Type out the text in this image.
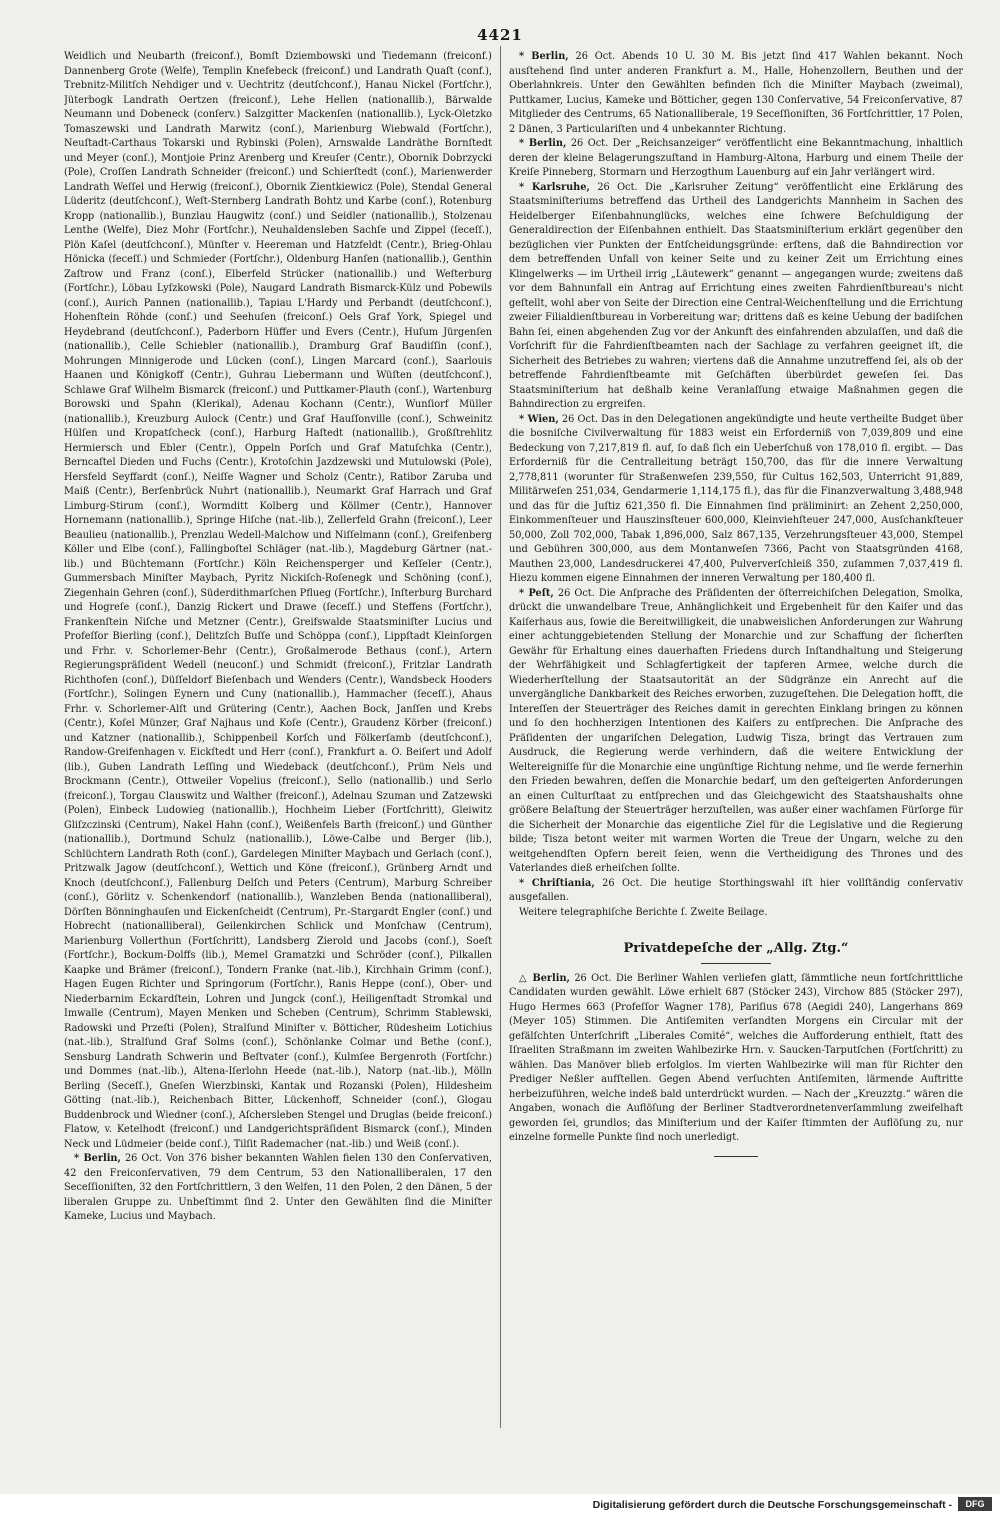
4421

Weidlich und Neubarth (freiconf.), Bomſt Dziembowski und Tiedemann (freiconf.) Dannenberg Grote (Welfe), Templin Knefebeck (freiconf.) und Landrath Quaſt (conf.), Trebnitz-Militſch Nehdiger und v. Uechtritz (deutſchconf.), Hanau Nickel (Fortſchr.), Jüterbogk Landrath Oertzen (freiconf.), Lehe Hellen (nationallib.), Bärwalde Neumann und Dobeneck (conſerv.) Salzgitter Mackenſen (nationallib.), Lyck-Oletzko Tomaszewski und Landrath Marwitz (conſ.), Marienburg Wiebwald (Fortſchr.), Neuſtadt-Carthaus Tokarski und Rybinski (Polen), Arnswalde Landräthe Bornſtedt und Meyer (conſ.), Montjoie Prinz Arenberg und Kreuſer (Centr.), Obornik Dobrzycki (Pole), Croſſen Landrath Schneider (freiconſ.) und Schierſtedt (conſ.), Marienwerder Landrath Weſſel und Herwig (freiconſ.), Obornik Zientkiewicz (Pole), Stendal General Lüderitz (deutſchconſ.), Weſt-Sternberg Landrath Bohtz und Karbe (conſ.), Rotenburg Kropp (nationallib.), Bunzlau Haugwitz (conſ.) und Seidler (nationallib.), Stolzenau Lenthe (Welfe), Diez Mohr (Fortſchr.), Neuhaldensleben Sachſe und Zippel (ſeceſſ.), Plön Kaſel (deutſchconſ.), Münſter v. Heereman und Hatzfeldt (Centr.), Brieg-Ohlau Hönicka (ſeceſſ.) und Schmieder (Fortſchr.), Oldenburg Hanſen (nationallib.), Genthin Zaſtrow und Franz (conſ.), Elberfeld Strücker (nationallib.) und Weſterburg (Fortſchr.), Löbau Lyſzkowski (Pole), Naugard Landrath Bismarck-Külz und Pobewils (conſ.), Aurich Pannen (nationallib.), Tapiau L'Hardy und Perbandt (deutſchconſ.), Hohenſtein Röhde (conſ.) und Seehuſen (freiconſ.) Oels Graf York, Spiegel und Heydebrand (deutſchconſ.), Paderborn Hüffer und Evers (Centr.), Huſum Jürgenſen (nationallib.), Celle Schiebler (nationallib.), Dramburg Graf Baudiſſin (conſ.), Mohrungen Minnigerode und Lücken (conſ.), Lingen Marcard (conſ.), Saarlouis Haanen und Königkoff (Centr.), Guhrau Liebermann und Wüſten (deutſchconſ.), Schlawe Graf Wilhelm Bismarck (freiconſ.) und Puttkamer-Plauth (conſ.), Wartenburg Borowski und Spahn (Klerikal), Adenau Kochann (Centr.), Wunſiorf Müller (nationallib.), Kreuzburg Aulock (Centr.) und Graf Hauſſonville (conſ.), Schweinitz Hülſen und Kropatſcheck (conſ.), Harburg Haſtedt (nationallib.), Großſtrehlitz Hermiersch und Ebler (Centr.), Oppeln Porſch und Graf Matuſchka (Centr.), Berncaſtel Dieden und Fuchs (Centr.), Krotoſchin Jazdzewski und Mutulowski (Pole), Hersfeld Seyffardt (conſ.), Neiſſe Wagner und Scholz (Centr.), Ratibor Zaruba und Maiß (Centr.), Berſenbrück Nuhrt (nationallib.), Neumarkt Graf Harrach und Graf Limburg-Stirum (conſ.), Wormditt Kolberg und Köllmer (Centr.), Hannover Hornemann (nationallib.), Springe Hiſche (nat.-lib.), Zellerfeld Grahn (freiconſ.), Leer Beaulieu (nationallib.), Prenzlau Wedell-Malchow und Niſſelmann (conſ.), Greifenberg Köller und Elbe (conſ.), Fallingboſtel Schläger (nat.-lib.), Magdeburg Gärtner (nat.-lib.) und Büchtemann (Fortſchr.) Köln Reichensperger und Keſſeler (Centr.), Gummersbach Miniſter Maybach, Pyritz Nickiſch-Roſenegk und Schöning (conſ.), Ziegenhain Gehren (conſ.), Süderdithmarſchen Pflueg (Fortſchr.), Inſterburg Burchard und Hogreſe (conſ.), Danzig Rickert und Drawe (ſeceſſ.) und Steffens (Fortſchr.), Frankenſtein Niſche und Metzner (Centr.), Greifswalde Staatsminiſter Lucius und Profeſſor Bierling (conſ.), Delitzſch Buſſe und Schöppa (conſ.), Lippſtadt Kleinſorgen und Frhr. v. Schorlemer-Behr (Centr.), Großalmerode Bethaus (conſ.), Artern Regierungspräſident Wedell (neuconſ.) und Schmidt (freiconſ.), Fritzlar Landrath Richthofen (conſ.), Düſſeldorf Bieſenbach und Wenders (Centr.), Wandsbeck Hooders (Fortſchr.), Solingen Eynern und Cuny (nationallib.), Hammacher (ſeceſſ.), Ahaus Frhr. v. Schorlemer-Alſt und Grütering (Centr.), Aachen Bock, Janſſen und Krebs (Centr.), Koſel Münzer, Graf Najhaus und Koſe (Centr.), Graudenz Körber (freiconſ.) und Katzner (nationallib.), Schippenbeil Korſch und Fölkerſamb (deutſchconſ.), Randow-Greifenhagen v. Eickſtedt und Herr (conſ.), Frankfurt a. O. Beiſert und Adolf (lib.), Guben Landrath Leſſing und Wiedeback (deutſchconſ.), Prüm Nels und Brockmann (Centr.), Ottweiler Vopelius (freiconſ.), Sello (nationallib.) und Serlo (freiconſ.), Torgau Clauswitz und Walther (freiconſ.), Adelnau Szuman und Zatzewski (Polen), Einbeck Ludowieg (nationallib.), Hochheim Lieber (Fortſchritt), Gleiwitz Gliſzczinski (Centrum), Nakel Hahn (conſ.), Weißenfels Barth (freiconſ.) und Günther (nationallib.), Dortmund Schulz (nationallib.), Löwe-Calbe und Berger (lib.), Schlüchtern Landrath Roth (conſ.), Gardelegen Miniſter Maybach und Gerlach (conſ.), Pritzwalk Jagow (deutſchconſ.), Wettich und Köne (freiconſ.), Grünberg Arndt und Knoch (deutſchconſ.), Fallenburg Delſch und Peters (Centrum), Marburg Schreiber (conſ.), Görlitz v. Schenkendorf (nationallib.), Wanzleben Benda (nationalliberal), Dörſten Bönninghauſen und Eickenſcheidt (Centrum), Pr.-Stargardt Engler (conſ.) und Hobrecht (nationalliberal), Geilenkirchen Schlick und Monſchaw (Centrum), Marienburg Vollerthun (Fortſchritt), Landsberg Zierold und Jacobs (conſ.), Soeſt (Fortſchr.), Bockum-Dolffs (lib.), Memel Gramatzki und Schröder (conſ.), Pilkallen Kaapke und Brämer (freiconſ.), Tondern Franke (nat.-lib.), Kirchhain Grimm (conſ.), Hagen Eugen Richter und Springorum (Fortſchr.), Ranis Heppe (conſ.), Ober- und Niederbarnim Eckardſtein, Lohren und Jungck (conſ.), Heiligenſtadt Stromkal und Imwalle (Centrum), Mayen Menken und Scheben (Centrum), Schrimm Stablewski, Radowski und Przeſti (Polen), Stralſund Miniſter v. Bötticher, Rüdesheim Lotichius (nat.-lib.), Stralſund Graf Solms (conſ.), Schönlanke Colmar und Bethe (conſ.), Sensburg Landrath Schwerin und Beſtvater (conſ.), Kulmſee Bergenroth (Fortſchr.) und Dommes (nat.-lib.), Altena-Iſerlohn Heede (nat.-lib.), Natorp (nat.-lib.), Mölln Berling (Seceſſ.), Gneſen Wierzbinski, Kantak und Rozanski (Polen), Hildesheim Götting (nat.-lib.), Reichenbach Bitter, Lückenhoff, Schneider (conſ.), Glogau Buddenbrock und Wiedner (conſ.), Aſchersleben Stengel und Druglas (beide freiconſ.) Flatow, v. Ketelhodt (freiconſ.) und Landgerichtspräſident Bismarck (conſ.), Minden Neck und Lüdmeier (beide conſ.), Tilſit Rademacher (nat.-lib.) und Weiß (conſ.).

* Berlin, 26 Oct. Von 376 bisher bekannten Wahlen fielen 130 den Conſervativen, 42 den Freiconſervativen, 79 dem Centrum, 53 den Nationalliberalen, 17 den Seceſſioniſten, 32 den Fortſchrittlern, 3 den Welfen, 11 den Polen, 2 den Dänen, 5 der liberalen Gruppe zu. Unbeſtimmt ſind 2. Unter den Gewählten ſind die Miniſter Kameke, Lucius und Maybach.

* Berlin, 26 Oct. Abends 10 U. 30 M. Bis jetzt ſind 417 Wahlen bekannt. Noch ausſtehend ſind unter anderen Frankfurt a. M., Halle, Hohenzollern, Beuthen und der Oberlahnkreis. Unter den Gewählten befinden ſich die Miniſter Maybach (zweimal), Puttkamer, Lucius, Kameke und Bötticher, gegen 130 Conſervative, 54 Freiconſervative, 87 Mitglieder des Centrums, 65 Nationalliberale, 19 Seceſſioniſten, 36 Fortſchrittler, 17 Polen, 2 Dänen, 3 Particulariſten und 4 unbekannter Richtung.

* Berlin, 26 Oct. Der „Reichsanzeiger“ veröffentlicht eine Bekanntmachung, inhaltlich deren der kleine Belagerungszuſtand in Hamburg-Altona, Harburg und einem Theile der Kreiſe Pinneberg, Stormarn und Herzogthum Lauenburg auf ein Jahr verlängert wird.

* Karlsruhe, 26 Oct. Die „Karlsruher Zeitung“ veröffentlicht eine Erklärung des Staatsminiſteriums betreffend das Urtheil des Landgerichts Mannheim in Sachen des Heidelberger Eiſenbahnunglücks, welches eine ſchwere Beſchuldigung der Generaldirection der Eiſenbahnen enthielt. Das Staatsminiſterium erklärt gegenüber den bezüglichen vier Punkten der Entſcheidungsgründe: erſtens, daß die Bahndirection vor dem betreffenden Unfall von keiner Seite und zu keiner Zeit um Errichtung eines Klingelwerks — im Urtheil irrig „Läutewerk“ genannt — angegangen wurde; zweitens daß vor dem Bahnunfall ein Antrag auf Errichtung eines zweiten Fahrdienſtbureau's nicht geſtellt, wohl aber von Seite der Direction eine Central-Weichenſtellung und die Errichtung zweier Filialdienſtbureau in Vorbereitung war; drittens daß es keine Uebung der badiſchen Bahn ſei, einen abgehenden Zug vor der Ankunft des einfahrenden abzulaſſen, und daß die Vorſchrift für die Fahrdienſtbeamten nach der Sachlage zu verfahren geeignet iſt, die Sicherheit des Betriebes zu wahren; viertens daß die Annahme unzutreffend ſei, als ob der betreffende Fahrdienſtbeamte mit Geſchäften überbürdet geweſen ſei. Das Staatsminiſterium hat deßhalb keine Veranlaſſung etwaige Maßnahmen gegen die Bahndirection zu ergreifen.

* Wien, 26 Oct. Das in den Delegationen angekündigte und heute vertheilte Budget über die bosniſche Civilverwaltung für 1883 weist ein Erforderniß von 7,039,809 und eine Bedeckung von 7,217,819 fl. auf, ſo daß ſich ein Ueberſchuß von 178,010 fl. ergibt. — Das Erforderniß für die Centralleitung beträgt 150,700, das für die innere Verwaltung 2,778,811 (worunter für Straßenweſen 239,550, für Cultus 162,503, Unterricht 91,889, Militärweſen 251,034, Gendarmerie 1,114,175 fl.), das für die Finanzverwaltung 3,488,948 und das für die Juſtiz 621,350 fl. Die Einnahmen ſind präliminirt: an Zehent 2,250,000, Einkommenſteuer und Hauszinsſteuer 600,000, Kleinviehſteuer 247,000, Ausſchankſteuer 50,000, Zoll 702,000, Tabak 1,896,000, Salz 867,135, Verzehrungsſteuer 43,000, Stempel und Gebühren 300,000, aus dem Montanweſen 7366, Pacht von Staatsgründen 4168, Mauthen 23,000, Landesdruckerei 47,400, Pulververſchleiß 350, zuſammen 7,037,419 fl. Hiezu kommen eigene Einnahmen der inneren Verwaltung per 180,400 fl.

* Peſt, 26 Oct. Die Anſprache des Präſidenten der öſterreichiſchen Delegation, Smolka, drückt die unwandelbare Treue, Anhänglichkeit und Ergebenheit für den Kaiſer und das Kaiſerhaus aus, ſowie die Bereitwilligkeit, die unabweislichen Anforderungen zur Wahrung einer achtunggebietenden Stellung der Monarchie und zur Schaffung der ſicherſten Gewähr für Erhaltung eines dauerhaften Friedens durch Inſtandhaltung und Steigerung der Wehrfähigkeit und Schlagfertigkeit der tapferen Armee, welche durch die Wiederherſtellung der Staatsautorität an der Südgränze ein Anrecht auf die unvergängliche Dankbarkeit des Reiches erworben, zuzugeſtehen. Die Delegation hofft, die Intereſſen der Steuerträger des Reiches damit in gerechten Einklang bringen zu können und ſo den hochherzigen Intentionen des Kaiſers zu entſprechen. Die Anſprache des Präſidenten der ungariſchen Delegation, Ludwig Tisza, bringt das Vertrauen zum Ausdruck, die Regierung werde verhindern, daß die weitere Entwicklung der Weltereigniſſe für die Monarchie eine ungünſtige Richtung nehme, und ſie werde fernerhin den Frieden bewahren, deſſen die Monarchie bedarf, um den geſteigerten Anforderungen an einen Culturſtaat zu entſprechen und das Gleichgewicht des Staatshaushalts ohne größere Belaſtung der Steuerträger herzuſtellen, was außer einer wachſamen Fürſorge für die Sicherheit der Monarchie das eigentliche Ziel für die Legislative und die Regierung bilde; Tisza betont weiter mit warmen Worten die Treue der Ungarn, welche zu den weitgehendſten Opfern bereit ſeien, wenn die Vertheidigung des Thrones und des Vaterlandes dieß erheiſchen ſollte.

* Chriſtiania, 26 Oct. Die heutige Storthingswahl iſt hier vollſtändig conſervativ ausgefallen.

Weitere telegraphiſche Berichte ſ. Zweite Beilage.

Privatdepeſche der „Allg. Ztg.“

△ Berlin, 26 Oct. Die Berliner Wahlen verliefen glatt, ſämmtliche neun fortſchrittliche Candidaten wurden gewählt. Löwe erhielt 687 (Stöcker 243), Virchow 885 (Stöcker 297), Hugo Hermes 663 (Profeſſor Wagner 178), Pariſius 678 (Aegidi 240), Langerhans 869 (Meyer 105) Stimmen. Die Antiſemiten verſandten Morgens ein Circular mit der gefälſchten Unterſchrift „Liberales Comité“, welches die Aufforderung enthielt, ſtatt des Iſraeliten Straßmann im zweiten Wahlbezirke Hrn. v. Saucken-Tarputſchen (Fortſchritt) zu wählen. Das Manöver blieb erfolglos. Im vierten Wahlbezirke will man für Richter den Prediger Neßler aufſtellen. Gegen Abend verſuchten Antiſemiten, lärmende Auftritte herbeizuführen, welche indeß bald unterdrückt wurden. — Nach der „Kreuzztg.“ wären die Angaben, wonach die Auflöſung der Berliner Stadtverordnetenverſammlung zweifelhaft geworden ſei, grundlos; das Miniſterium und der Kaiſer ſtimmten der Auflöſung zu, nur einzelne formelle Punkte ſind noch unerledigt.

Digitalisierung gefördert durch die Deutsche Forschungsgemeinschaft -	DFG
